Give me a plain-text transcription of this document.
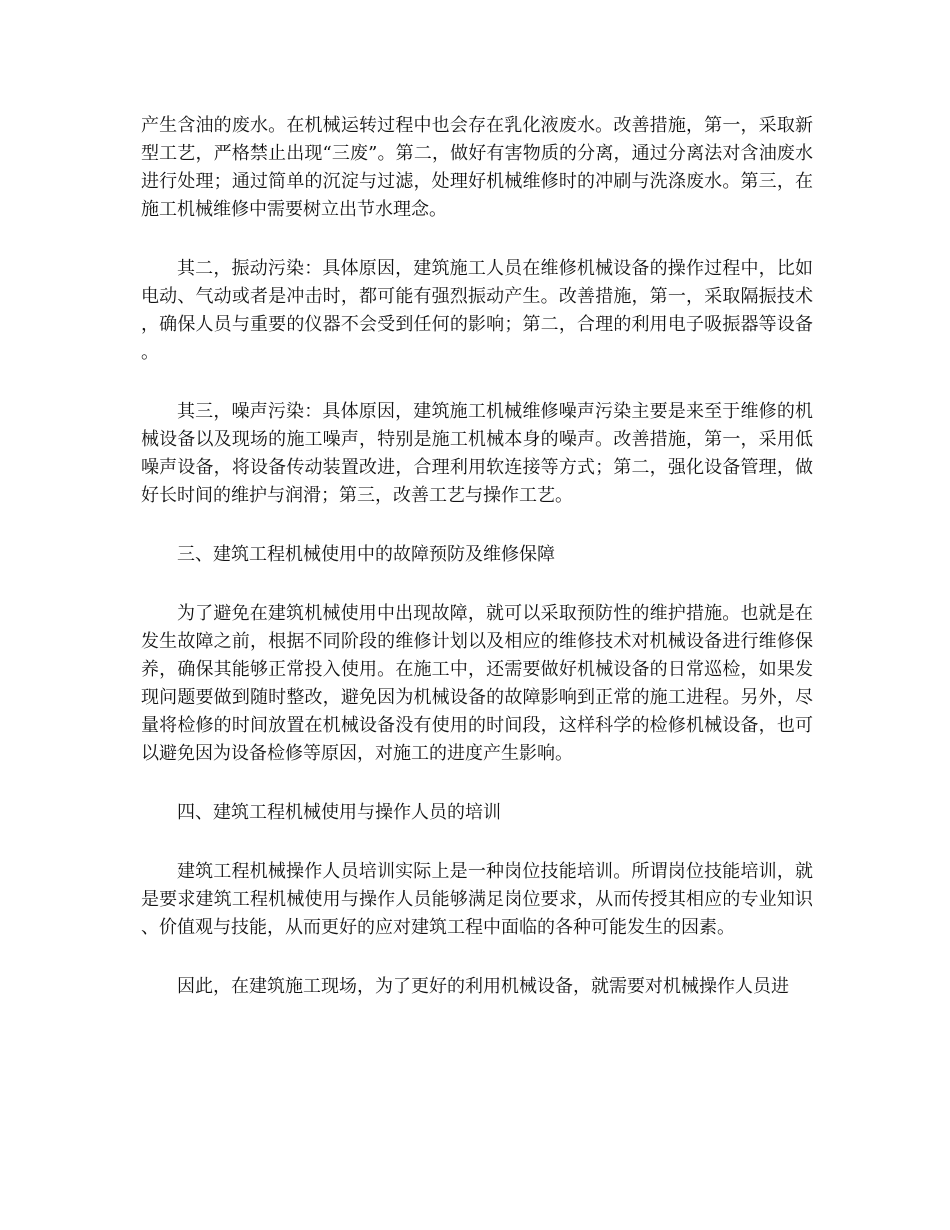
产生含油的废水。在机械运转过程中也会存在乳化液废水。改善措施，第一，采取新型工艺，严格禁止出现“三废”。第二，做好有害物质的分离，通过分离法对含油废水进行处理；通过简单的沉淀与过滤，处理好机械维修时的冲刷与洗涤废水。第三，在施工机械维修中需要树立出节水理念。

其二，振动污染：具体原因，建筑施工人员在维修机械设备的操作过程中，比如电动、气动或者是冲击时，都可能有强烈振动产生。改善措施，第一，采取隔振技术，确保人员与重要的仪器不会受到任何的影响；第二，合理的利用电子吸振器等设备。

其三，噪声污染：具体原因，建筑施工机械维修噪声污染主要是来至于维修的机械设备以及现场的施工噪声，特别是施工机械本身的噪声。改善措施，第一，采用低噪声设备，将设备传动装置改进，合理利用软连接等方式；第二，强化设备管理，做好长时间的维护与润滑；第三，改善工艺与操作工艺。

三、建筑工程机械使用中的故障预防及维修保障

为了避免在建筑机械使用中出现故障，就可以采取预防性的维护措施。也就是在发生故障之前，根据不同阶段的维修计划以及相应的维修技术对机械设备进行维修保养，确保其能够正常投入使用。在施工中，还需要做好机械设备的日常巡检，如果发现问题要做到随时整改，避免因为机械设备的故障影响到正常的施工进程。另外，尽量将检修的时间放置在机械设备没有使用的时间段，这样科学的检修机械设备，也可以避免因为设备检修等原因，对施工的进度产生影响。

四、建筑工程机械使用与操作人员的培训

建筑工程机械操作人员培训实际上是一种岗位技能培训。所谓岗位技能培训，就是要求建筑工程机械使用与操作人员能够满足岗位要求，从而传授其相应的专业知识、价值观与技能，从而更好的应对建筑工程中面临的各种可能发生的因素。

因此，在建筑施工现场，为了更好的利用机械设备，就需要对机械操作人员进
